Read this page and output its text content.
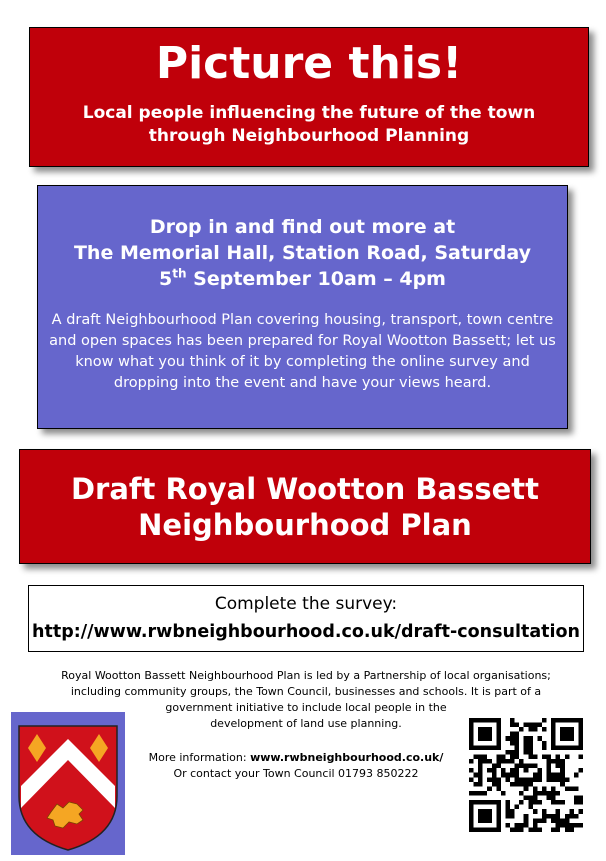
Picture this!
Local people influencing the future of the town
through Neighbourhood Planning
Drop in and find out more at
The Memorial Hall, Station Road, Saturday
5th September 10am – 4pm
A draft Neighbourhood Plan covering housing, transport, town centre and open spaces has been prepared for Royal Wootton Bassett; let us know what you think of it by completing the online survey and dropping into the event and have your views heard.
Draft Royal Wootton Bassett
Neighbourhood Plan
Complete the survey:
http://www.rwbneighbourhood.co.uk/draft-consultation
Royal Wootton Bassett Neighbourhood Plan is led by a Partnership of local organisations;
including community groups, the Town Council, businesses and schools. It is part of a
government initiative to include local people in the
development of land use planning.
More information: www.rwbneighbourhood.co.uk/
Or contact your Town Council 01793 850222
